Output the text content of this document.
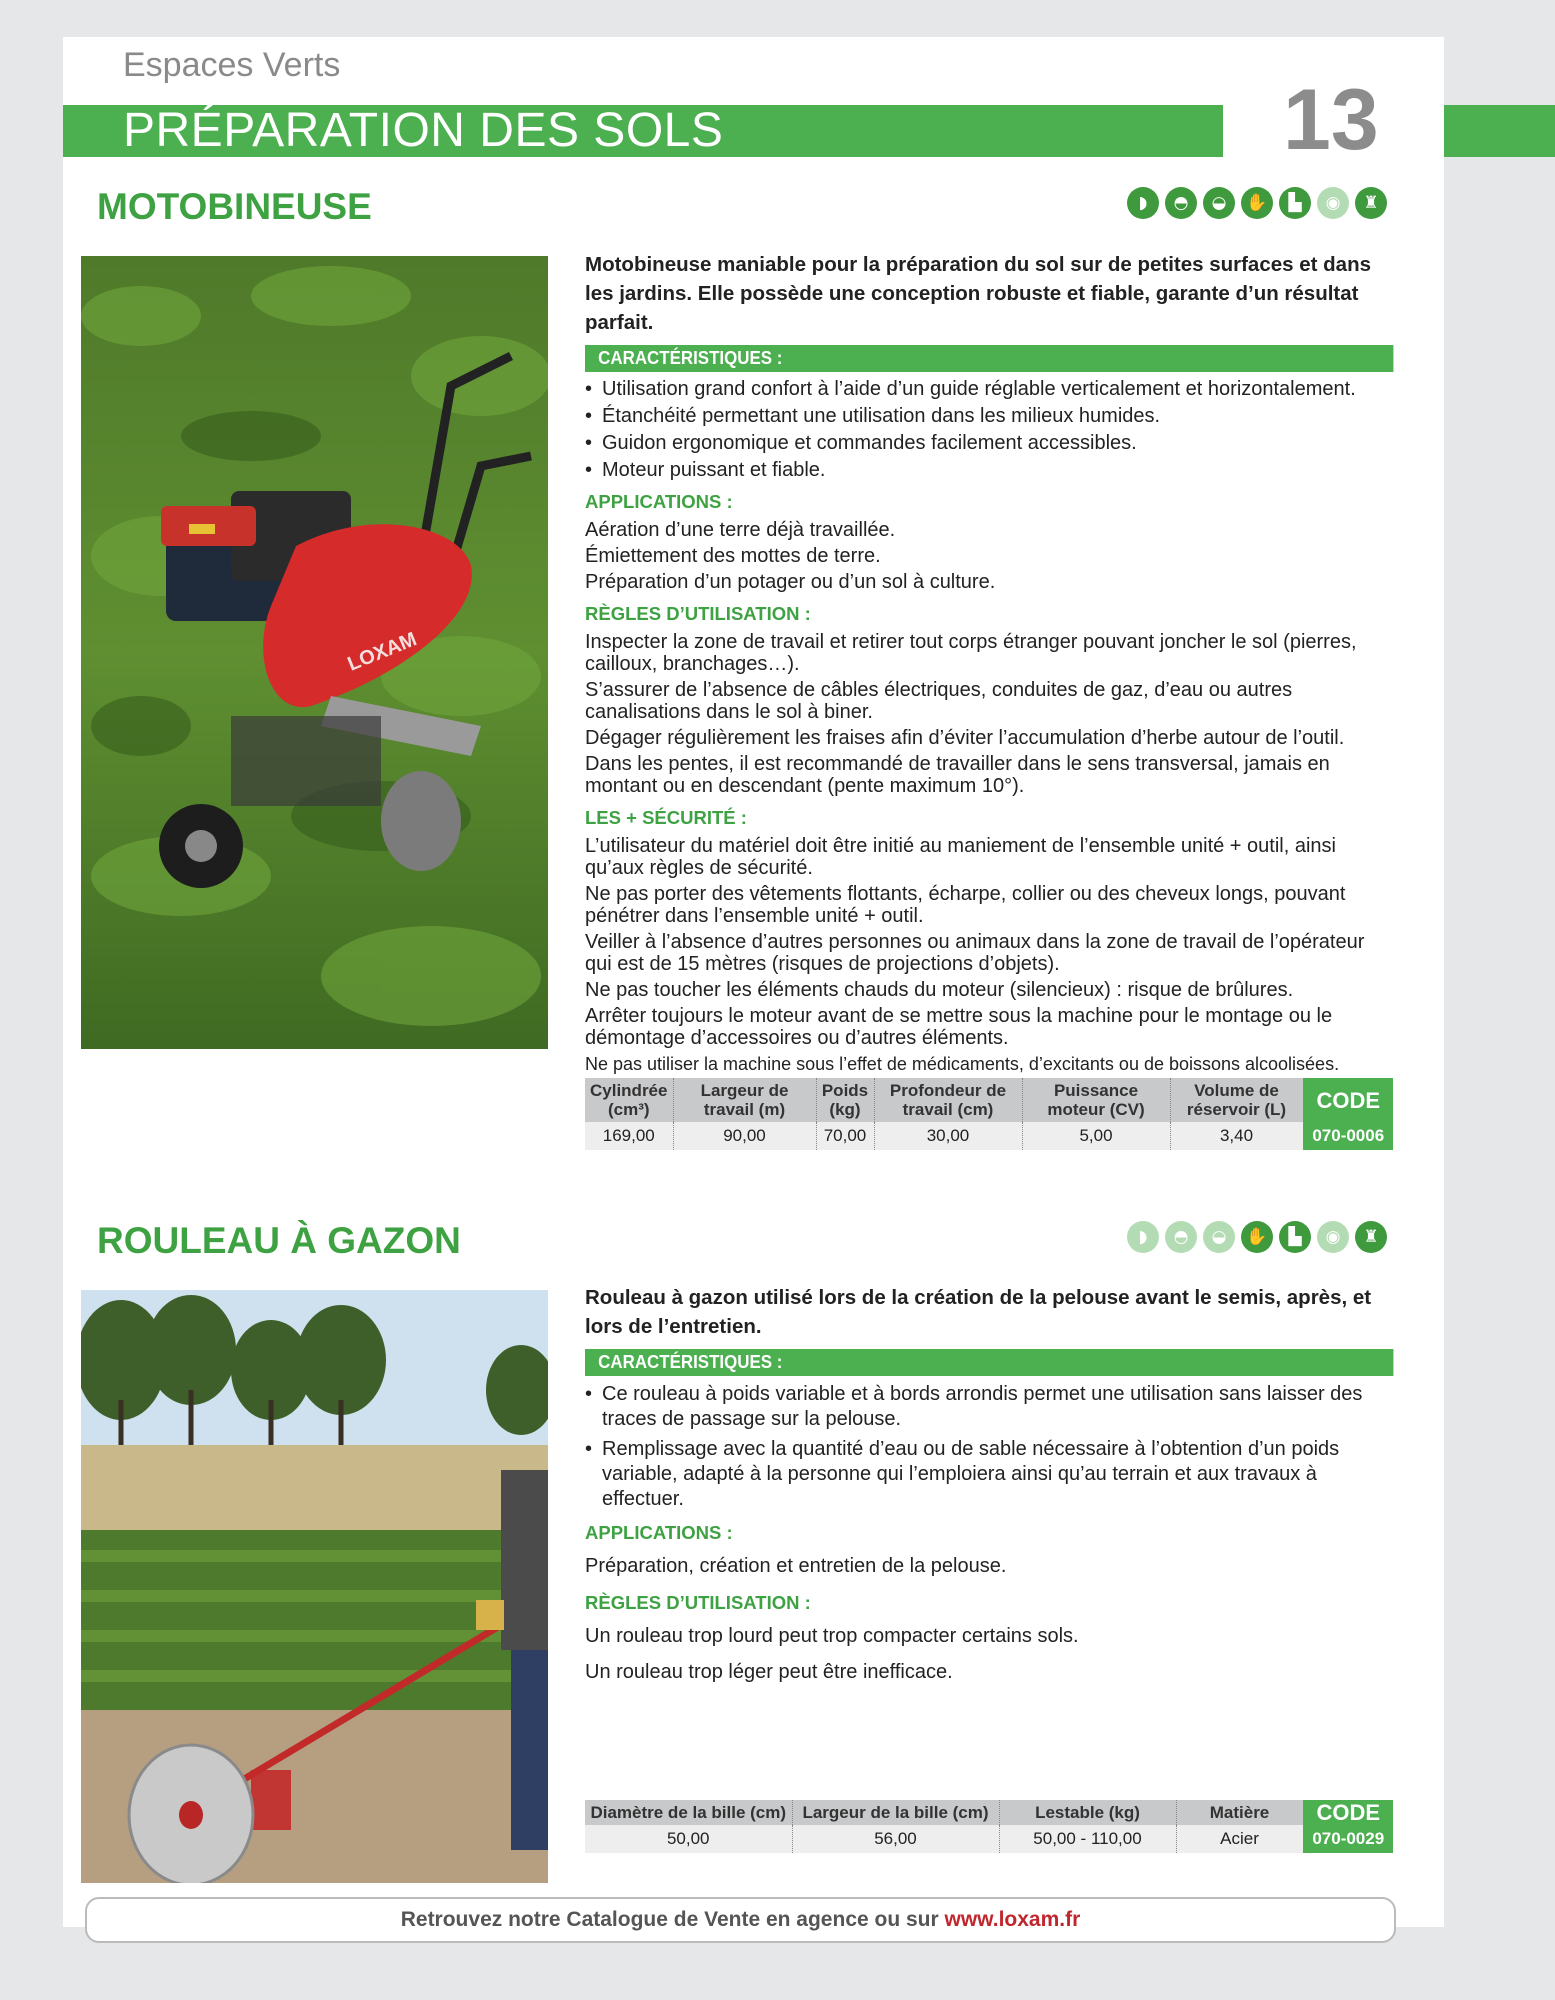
Espaces Verts
PRÉPARATION DES SOLS	13
MOTOBINEUSE	◗	◓	◒	✋	▙	◉	♜
LOXAM
Motobineuse maniable pour la préparation du sol sur de petites surfaces et dans les jardins. Elle possède une conception robuste et fiable, garante d’un résultat parfait.
CARACTÉRISTIQUES :
• Utilisation grand confort à l’aide d’un guide réglable verticalement et horizontalement.
• Étanchéité permettant une utilisation dans les milieux humides.
• Guidon ergonomique et commandes facilement accessibles.
• Moteur puissant et fiable.
APPLICATIONS :

Aération d’une terre déjà travaillée.

Émiettement des mottes de terre.

Préparation d’un potager ou d’un sol à culture.

RÈGLES D’UTILISATION :

Inspecter la zone de travail et retirer tout corps étranger pouvant joncher le sol (pierres, cailloux, branchages…).

S’assurer de l’absence de câbles électriques, conduites de gaz, d’eau ou autres canalisations dans le sol à biner.

Dégager régulièrement les fraises afin d’éviter l’accumulation d’herbe autour de l’outil.

Dans les pentes, il est recommandé de travailler dans le sens transversal, jamais en montant ou en descendant (pente maximum 10°).

LES + SÉCURITÉ :

L’utilisateur du matériel doit être initié au maniement de l’ensemble unité + outil, ainsi qu’aux règles de sécurité.

Ne pas porter des vêtements flottants, écharpe, collier ou des cheveux longs, pouvant pénétrer dans l’ensemble unité + outil.

Veiller à l’absence d’autres personnes ou animaux dans la zone de travail de l’opérateur qui est de 15 mètres (risques de projections d’objets).

Ne pas toucher les éléments chauds du moteur (silencieux) : risque de brûlures.

Arrêter toujours le moteur avant de se mettre sous la machine pour le montage ou le démontage d’accessoires ou d’autres éléments.

Ne pas utiliser la machine sous l’effet de médicaments, d’excitants ou de boissons alcoolisées.

Cylindrée (cm³)	Largeur de travail (m)	Poids (kg)	Profondeur de travail (cm)	Puissance moteur (CV)	Volume de réservoir (L)	CODE
169,00	90,00	70,00	30,00	5,00	3,40	070-0006
ROULEAU À GAZON	◗	◓	◒	✋	▙	◉	♜
Rouleau à gazon utilisé lors de la création de la pelouse avant le semis, après, et lors de l’entretien.
CARACTÉRISTIQUES :
• Ce rouleau à poids variable et à bords arrondis permet une utilisation sans laisser des traces de passage sur la pelouse.
• Remplissage avec la quantité d’eau ou de sable nécessaire à l’obtention d’un poids variable, adapté à la personne qui l’emploiera ainsi qu’au terrain et aux travaux à effectuer.
APPLICATIONS :

Préparation, création et entretien de la pelouse.

RÈGLES D’UTILISATION :

Un rouleau trop lourd peut trop compacter certains sols.

Un rouleau trop léger peut être inefficace.

Diamètre de la bille (cm)	Largeur de la bille (cm)	Lestable (kg)	Matière	CODE
50,00	56,00	50,00 - 110,00	Acier	070-0029
Retrouvez notre Catalogue de Vente en agence ou sur www.loxam.fr
